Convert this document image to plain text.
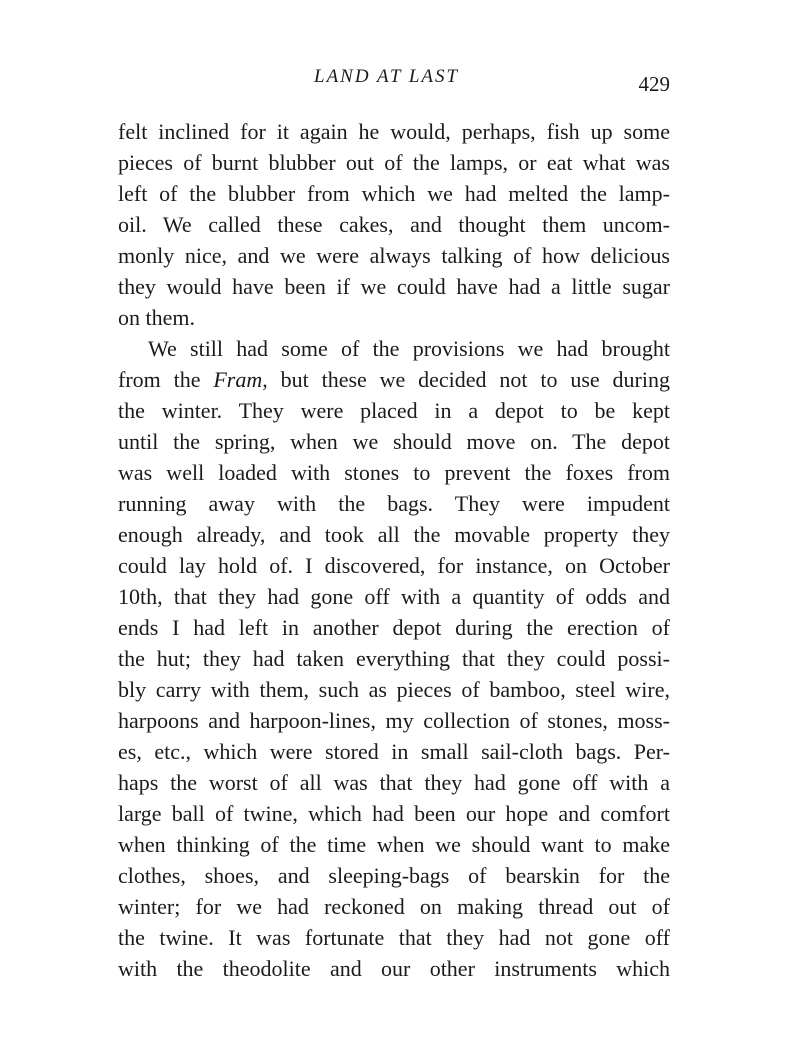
LAND AT LAST	429
felt inclined for it again he would, perhaps, fish up some
pieces of burnt blubber out of the lamps, or eat what was
left of the blubber from which we had melted the lamp-
oil. We called these cakes, and thought them uncom-
monly nice, and we were always talking of how delicious
they would have been if we could have had a little sugar
on them.
We still had some of the provisions we had brought
from the Fram, but these we decided not to use during
the winter. They were placed in a depot to be kept
until the spring, when we should move on. The depot
was well loaded with stones to prevent the foxes from
running away with the bags. They were impudent
enough already, and took all the movable property they
could lay hold of. I discovered, for instance, on October
10th, that they had gone off with a quantity of odds and
ends I had left in another depot during the erection of
the hut; they had taken everything that they could possi-
bly carry with them, such as pieces of bamboo, steel wire,
harpoons and harpoon-lines, my collection of stones, moss-
es, etc., which were stored in small sail-cloth bags. Per-
haps the worst of all was that they had gone off with a
large ball of twine, which had been our hope and comfort
when thinking of the time when we should want to make
clothes, shoes, and sleeping-bags of bearskin for the
winter; for we had reckoned on making thread out of
the twine. It was fortunate that they had not gone off
with the theodolite and our other instruments which
